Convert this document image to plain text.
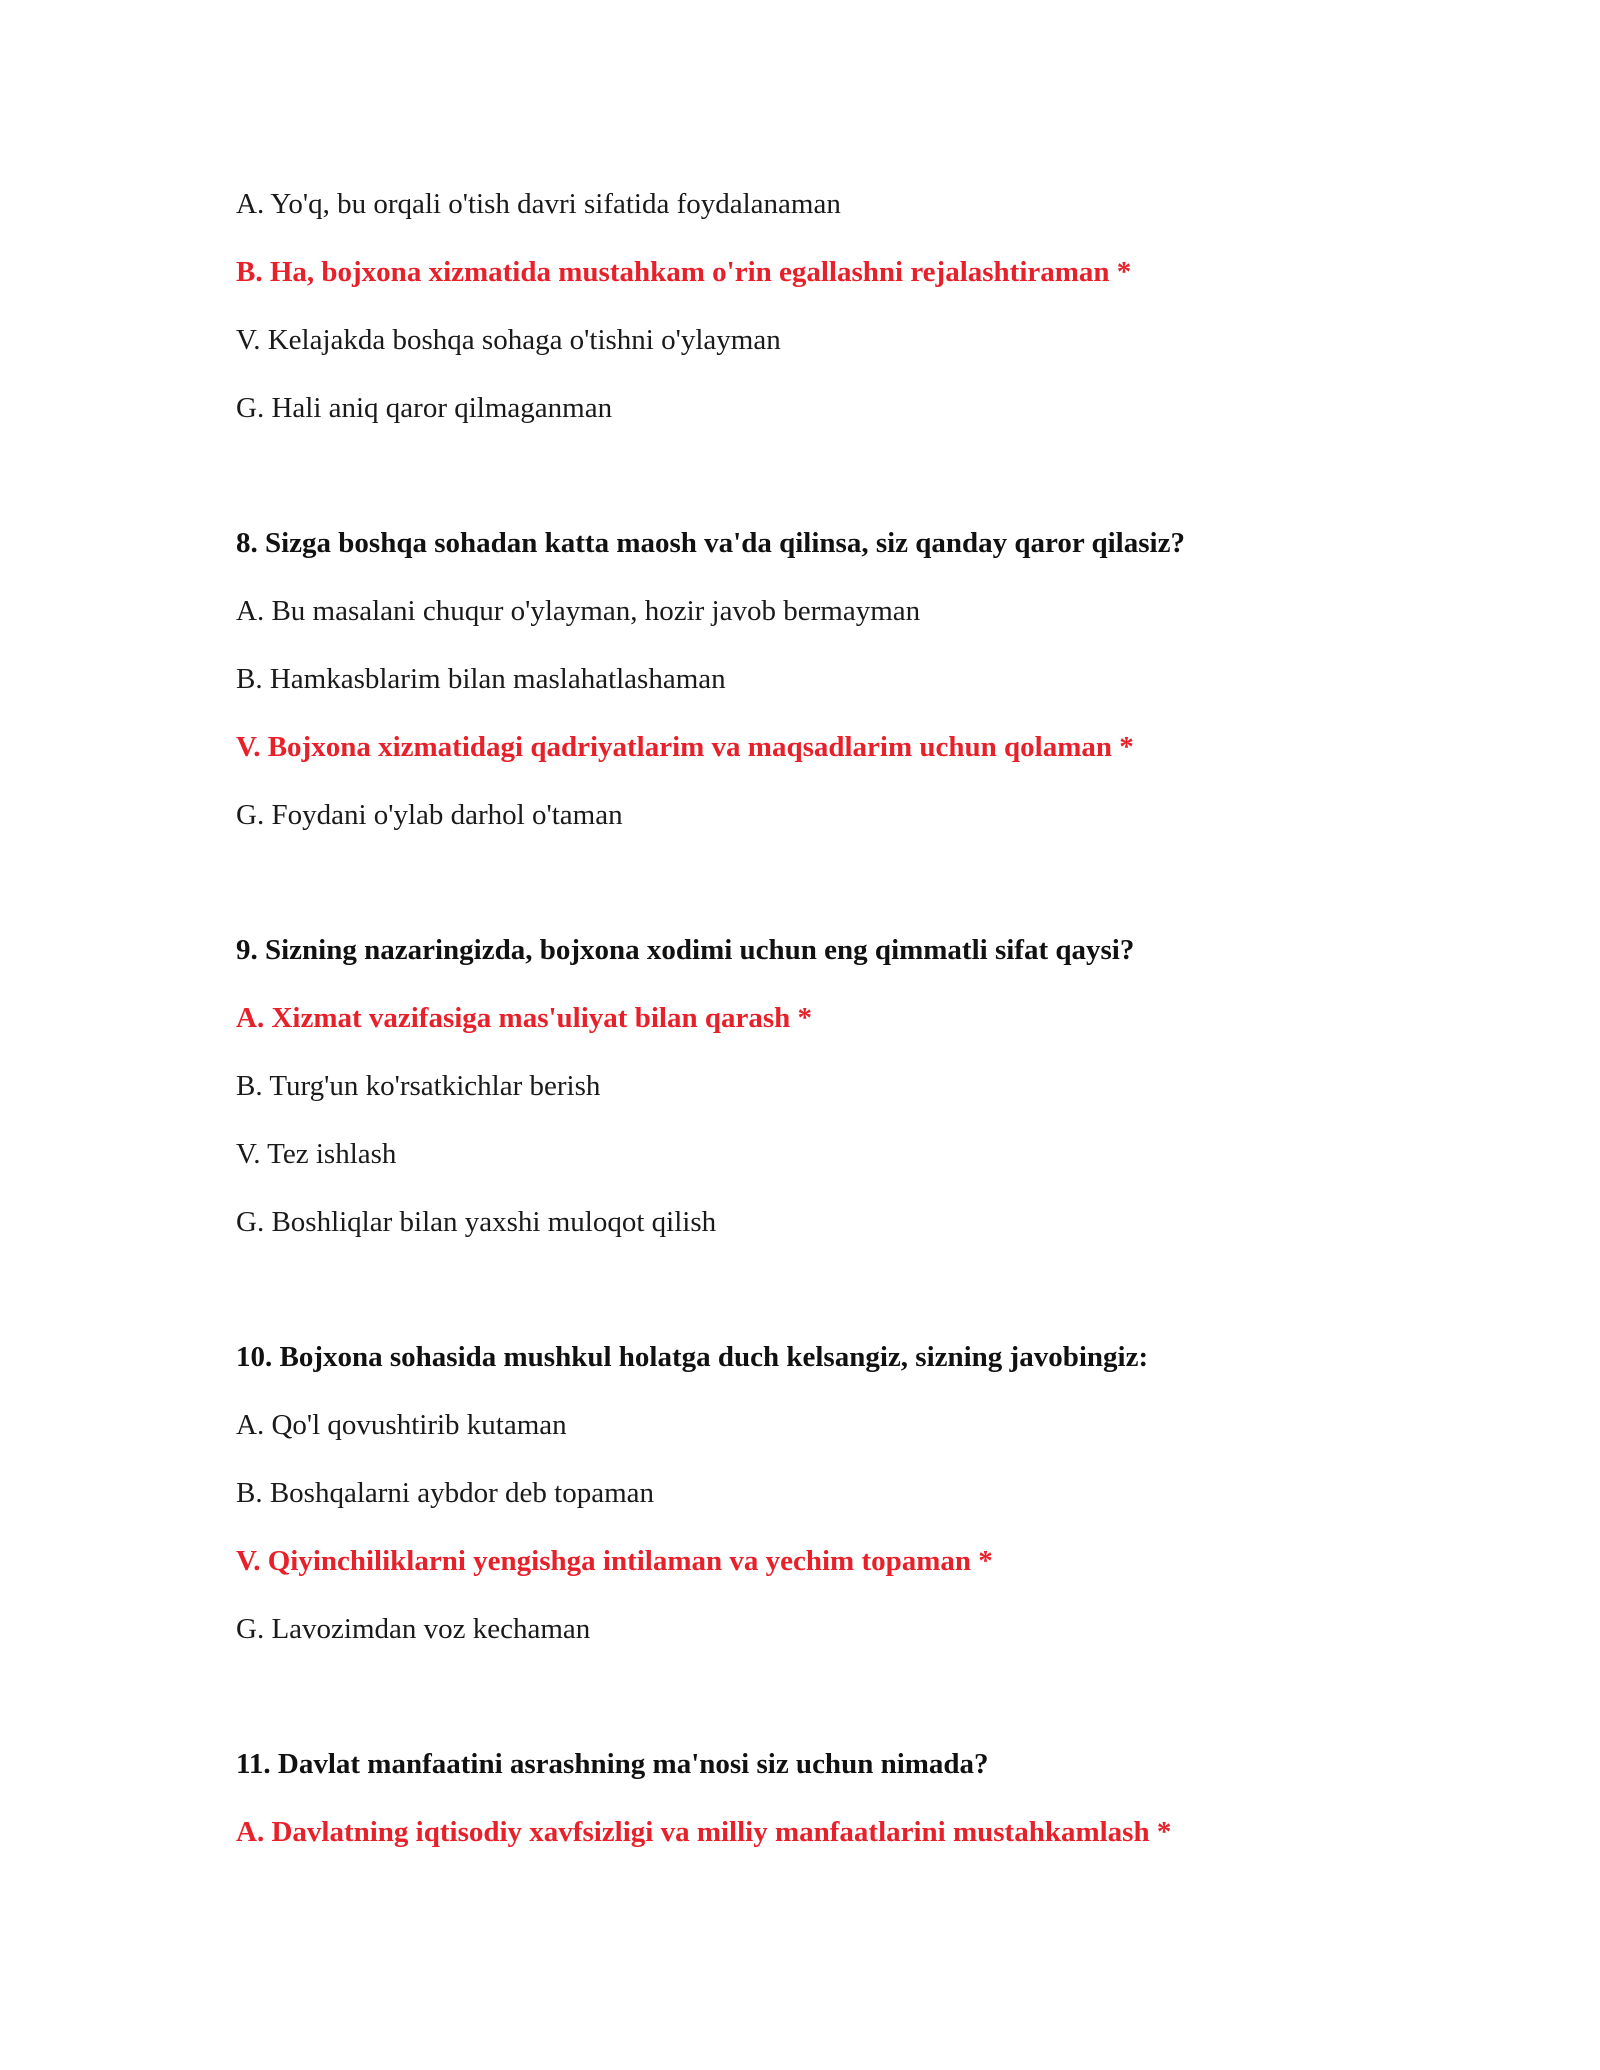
A. Yo'q, bu orqali o'tish davri sifatida foydalanaman
B. Ha, bojxona xizmatida mustahkam o'rin egallashni rejalashtiraman *
V. Kelajakda boshqa sohaga o'tishni o'ylayman
G. Hali aniq qaror qilmaganman
8. Sizga boshqa sohadan katta maosh va'da qilinsa, siz qanday qaror qilasiz?
A. Bu masalani chuqur o'ylayman, hozir javob bermayman
B. Hamkasblarim bilan maslahatlashaman
V. Bojxona xizmatidagi qadriyatlarim va maqsadlarim uchun qolaman *
G. Foydani o'ylab darhol o'taman
9. Sizning nazaringizda, bojxona xodimi uchun eng qimmatli sifat qaysi?
A. Xizmat vazifasiga mas'uliyat bilan qarash *
B. Turg'un ko'rsatkichlar berish
V. Tez ishlash
G. Boshliqlar bilan yaxshi muloqot qilish
10. Bojxona sohasida mushkul holatga duch kelsangiz, sizning javobingiz:
A. Qo'l qovushtirib kutaman
B. Boshqalarni aybdor deb topaman
V. Qiyinchiliklarni yengishga intilaman va yechim topaman *
G. Lavozimdan voz kechaman
11. Davlat manfaatini asrashning ma'nosi siz uchun nimada?
A. Davlatning iqtisodiy xavfsizligi va milliy manfaatlarini mustahkamlash *
